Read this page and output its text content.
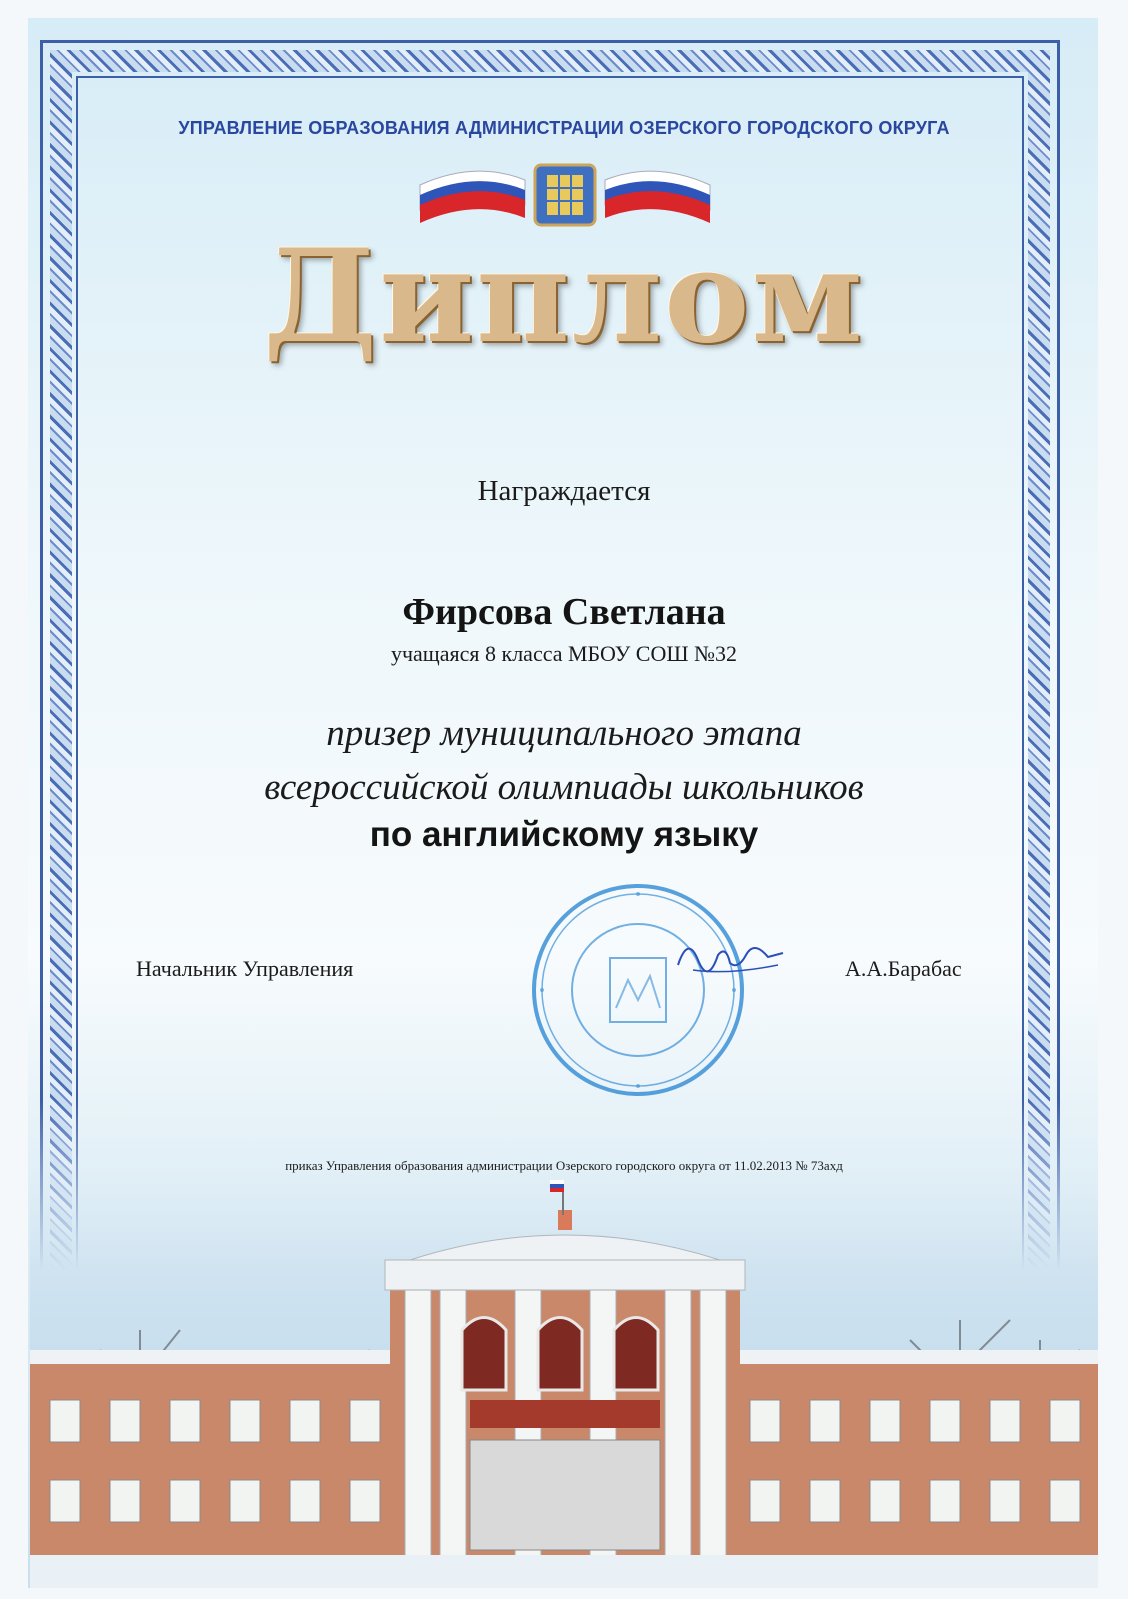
УПРАВЛЕНИЕ ОБРАЗОВАНИЯ АДМИНИСТРАЦИИ ОЗЕРСКОГО ГОРОДСКОГО ОКРУГА
Диплом
Награждается
Фирсова Светлана
учащаяся 8 класса МБОУ СОШ №32
призер муниципального этапа
всероссийской олимпиады школьников
по английскому языку
Начальник Управления	А.А.Барабас
приказ Управления образования администрации Озерского городского округа от 11.02.2013 № 73ахд
